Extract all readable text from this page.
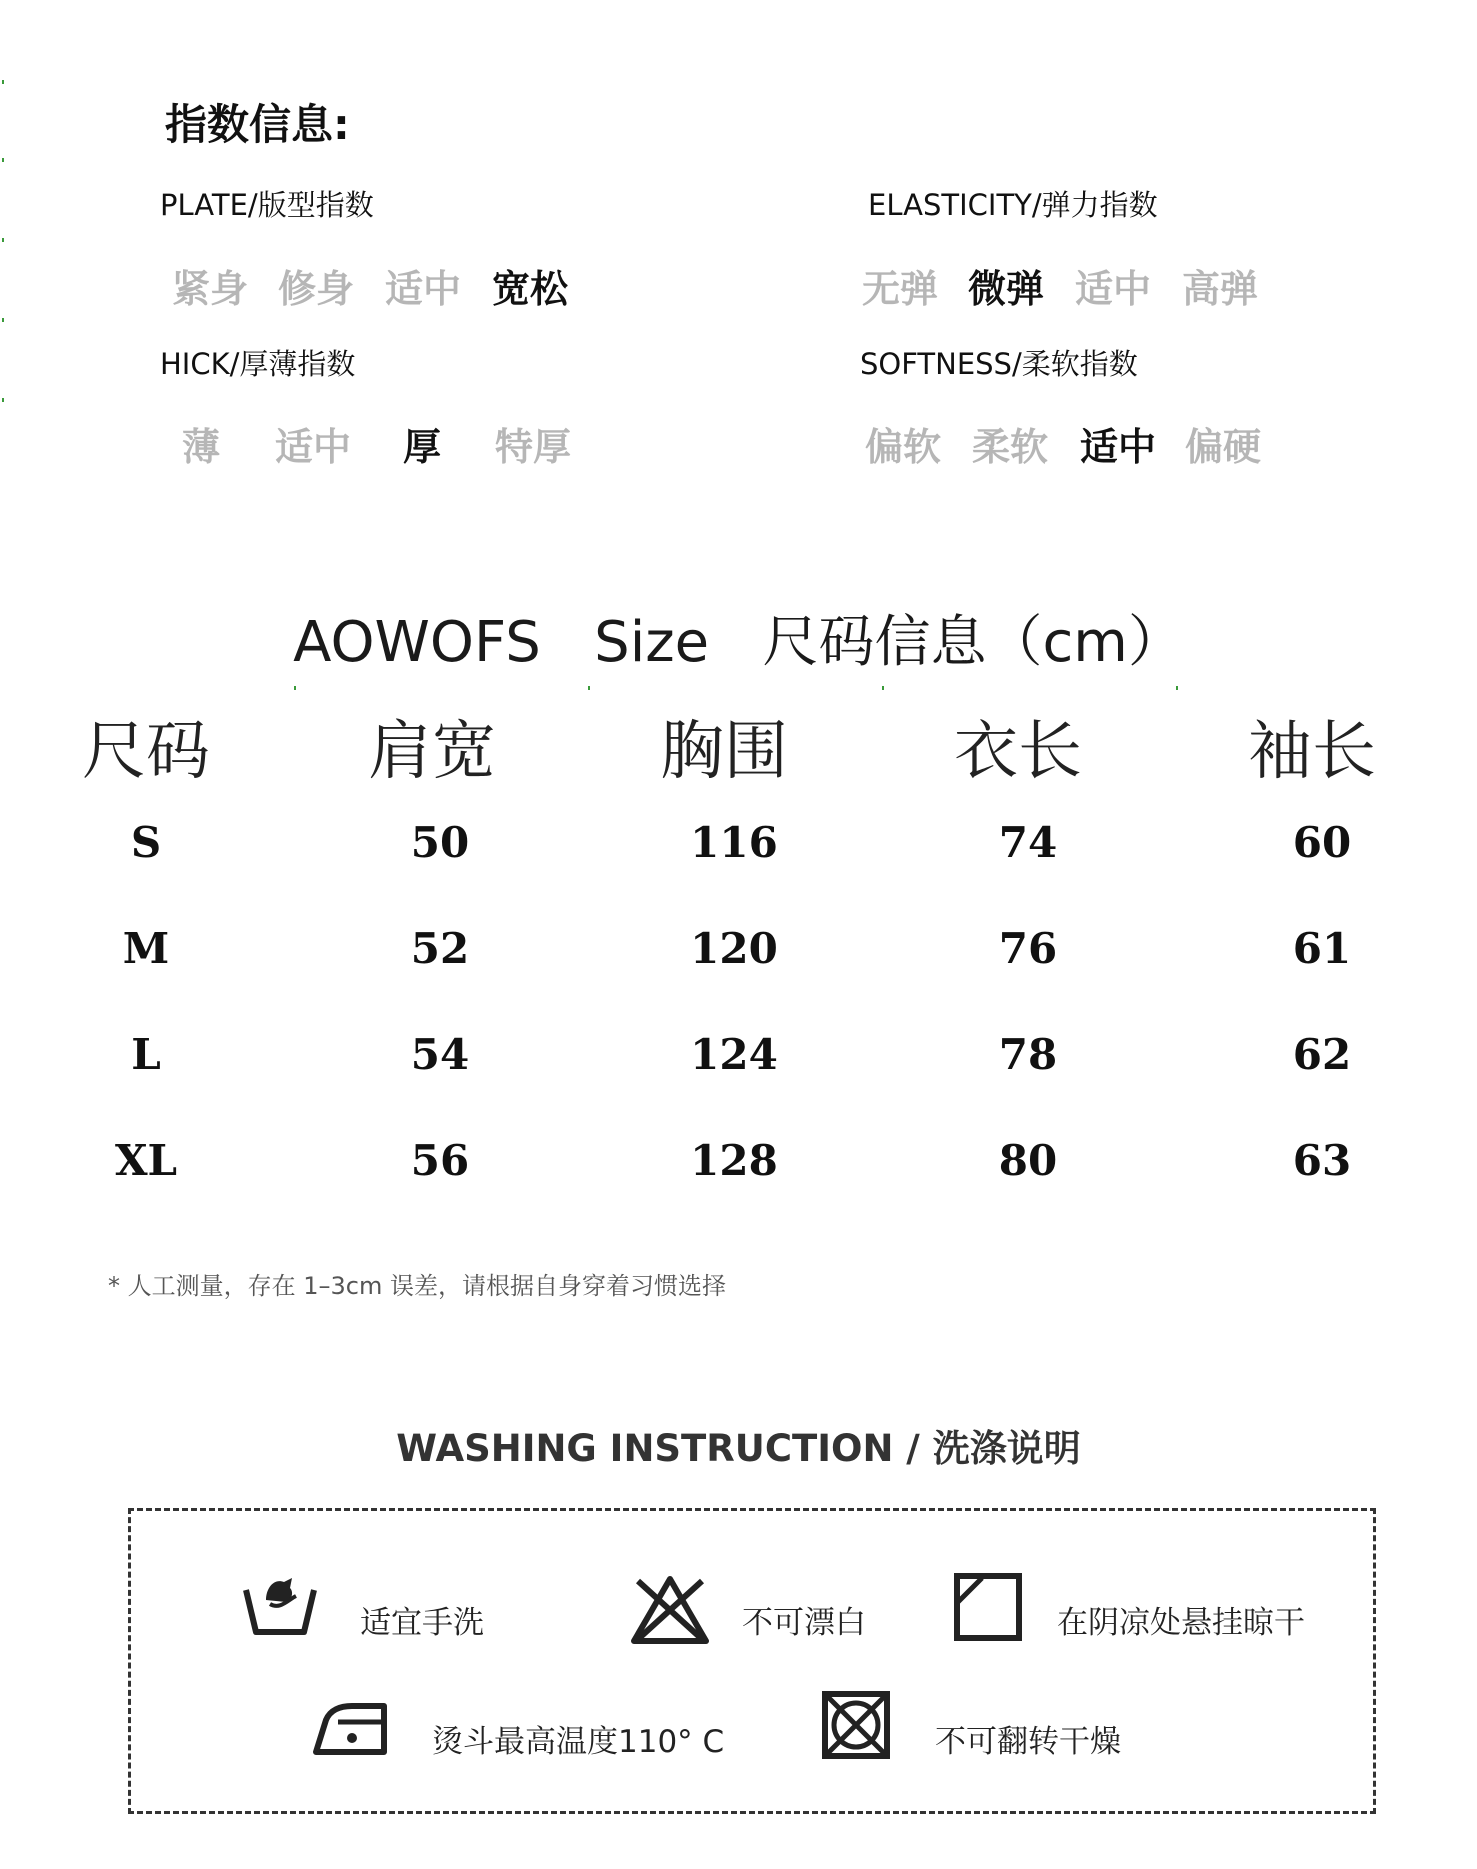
指数信息:
PLATE/版型指数
紧身 修身 适中 宽松
ELASTICITY/弹力指数
无弹 微弹 适中 高弹
HICK/厚薄指数
薄 适中 厚 特厚
SOFTNESS/柔软指数
偏软 柔软 适中 偏硬
AOWOFS   Size   尺码信息（cm）
尺码	肩宽	胸围	衣长	袖长
S	50	116	74	60
M	52	120	76	61
L	54	124	78	62
XL	56	128	80	63
* 人工测量，存在 1–3cm 误差，请根据自身穿着习惯选择
WASHING INSTRUCTION / 洗涤说明
适宜手洗	不可漂白	在阴凉处悬挂晾干
烫斗最高温度110° C	不可翻转干燥
